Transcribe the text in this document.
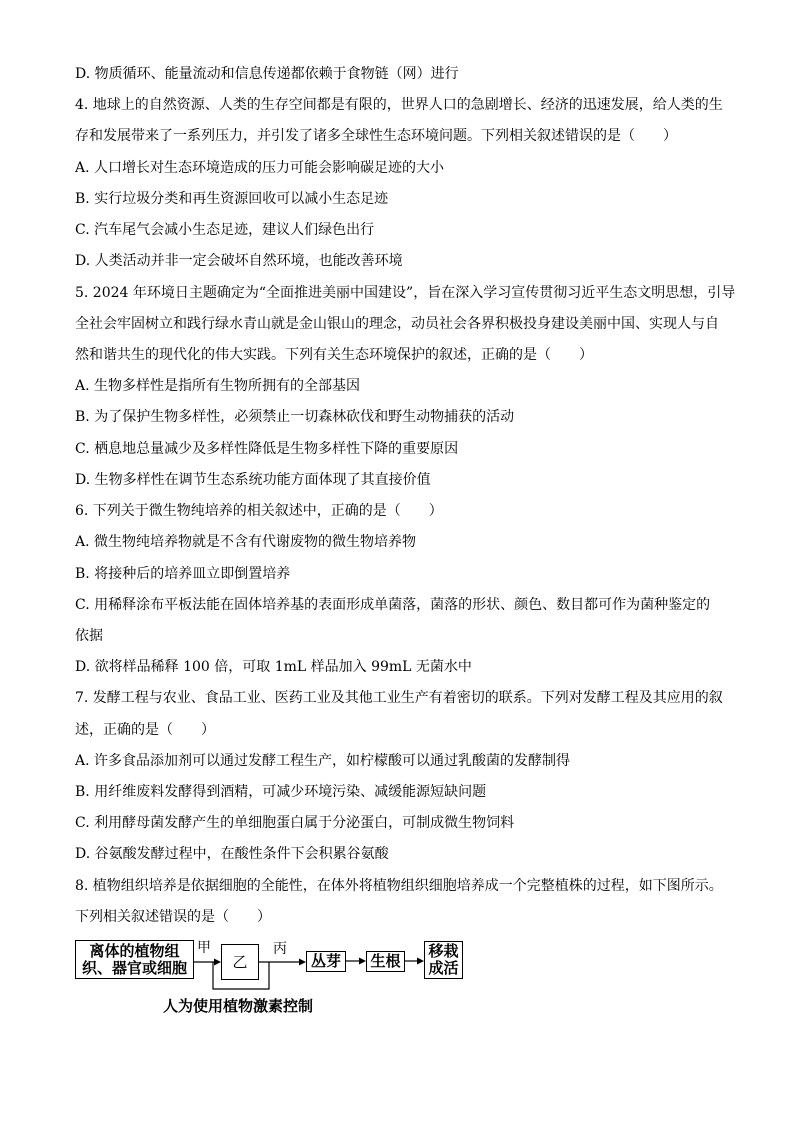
D. 物质循环、能量流动和信息传递都依赖于食物链（网）进行
4. 地球上的自然资源、人类的生存空间都是有限的，世界人口的急剧增长、经济的迅速发展，给人类的生
存和发展带来了一系列压力，并引发了诸多全球性生态环境问题。下列相关叙述错误的是（　　）
A. 人口增长对生态环境造成的压力可能会影响碳足迹的大小
B. 实行垃圾分类和再生资源回收可以减小生态足迹
C. 汽车尾气会减小生态足迹，建议人们绿色出行
D. 人类活动并非一定会破坏自然环境，也能改善环境
5. 2024 年环境日主题确定为“全面推进美丽中国建设”，旨在深入学习宣传贯彻习近平生态文明思想，引导
全社会牢固树立和践行绿水青山就是金山银山的理念，动员社会各界积极投身建设美丽中国、实现人与自
然和谐共生的现代化的伟大实践。下列有关生态环境保护的叙述，正确的是（　　）
A. 生物多样性是指所有生物所拥有的全部基因
B. 为了保护生物多样性，必须禁止一切森林砍伐和野生动物捕获的活动
C. 栖息地总量减少及多样性降低是生物多样性下降的重要原因
D. 生物多样性在调节生态系统功能方面体现了其直接价值
6. 下列关于微生物纯培养的相关叙述中，正确的是（　　）
A. 微生物纯培养物就是不含有代谢废物的微生物培养物
B. 将接种后的培养皿立即倒置培养
C. 用稀释涂布平板法能在固体培养基的表面形成单菌落，菌落的形状、颜色、数目都可作为菌种鉴定的
依据
D. 欲将样品稀释 100 倍，可取 1mL 样品加入 99mL 无菌水中
7. 发酵工程与农业、食品工业、医药工业及其他工业生产有着密切的联系。下列对发酵工程及其应用的叙
述，正确的是（　　）
A. 许多食品添加剂可以通过发酵工程生产，如柠檬酸可以通过乳酸菌的发酵制得
B. 用纤维废料发酵得到酒精，可减少环境污染、减缓能源短缺问题
C. 利用酵母菌发酵产生的单细胞蛋白属于分泌蛋白，可制成微生物饲料
D. 谷氨酸发酵过程中，在酸性条件下会积累谷氨酸
8. 植物组织培养是依据细胞的全能性，在体外将植物组织细胞培养成一个完整植株的过程，如下图所示。
下列相关叙述错误的是（　　）
离体的植物组
织、器官或细胞
甲
乙
丙
丛芽 生根
移栽
成活
人为使用植物激素控制
